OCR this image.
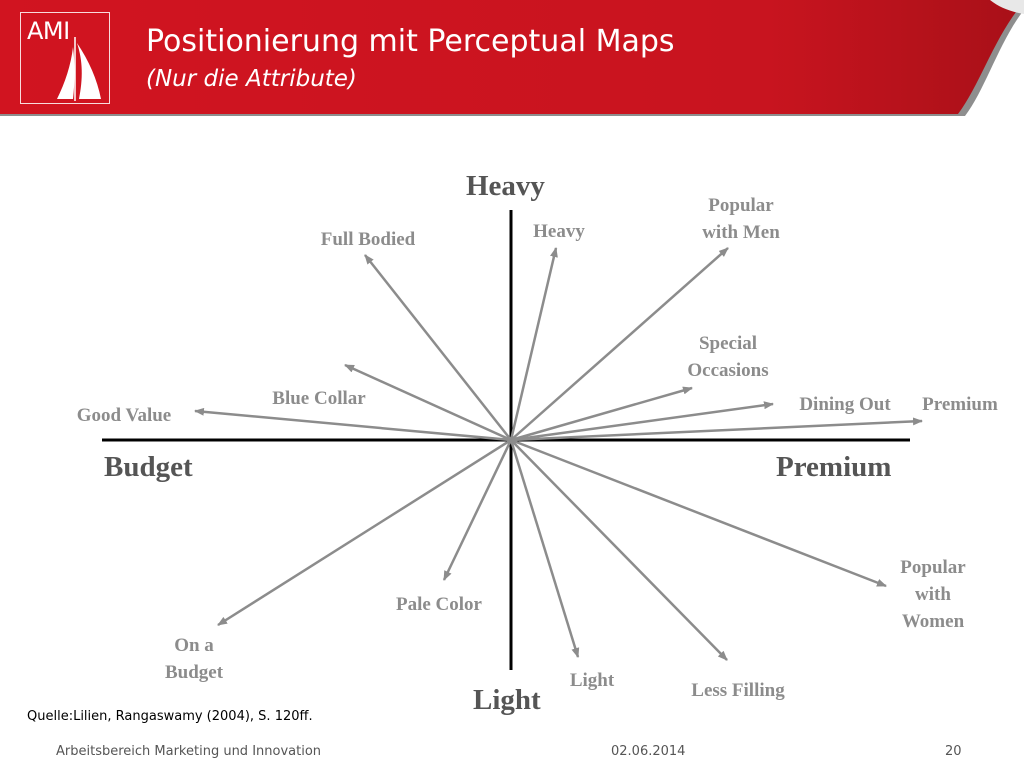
AMI	Positionierung mit Perceptual Maps
(Nur die Attribute)
Heavy
Light
Budget	Premium
Heavy
Popular
with Men
Full Bodied
Special
Occasions
Blue Collar
Good Value
Dining Out	Premium
Popular
with
Women
Pale Color
On a
Budget	Light	Less Filling
Quelle:Lilien, Rangaswamy (2004), S. 120ff.
Arbeitsbereich Marketing und Innovation	02.06.2014	20
